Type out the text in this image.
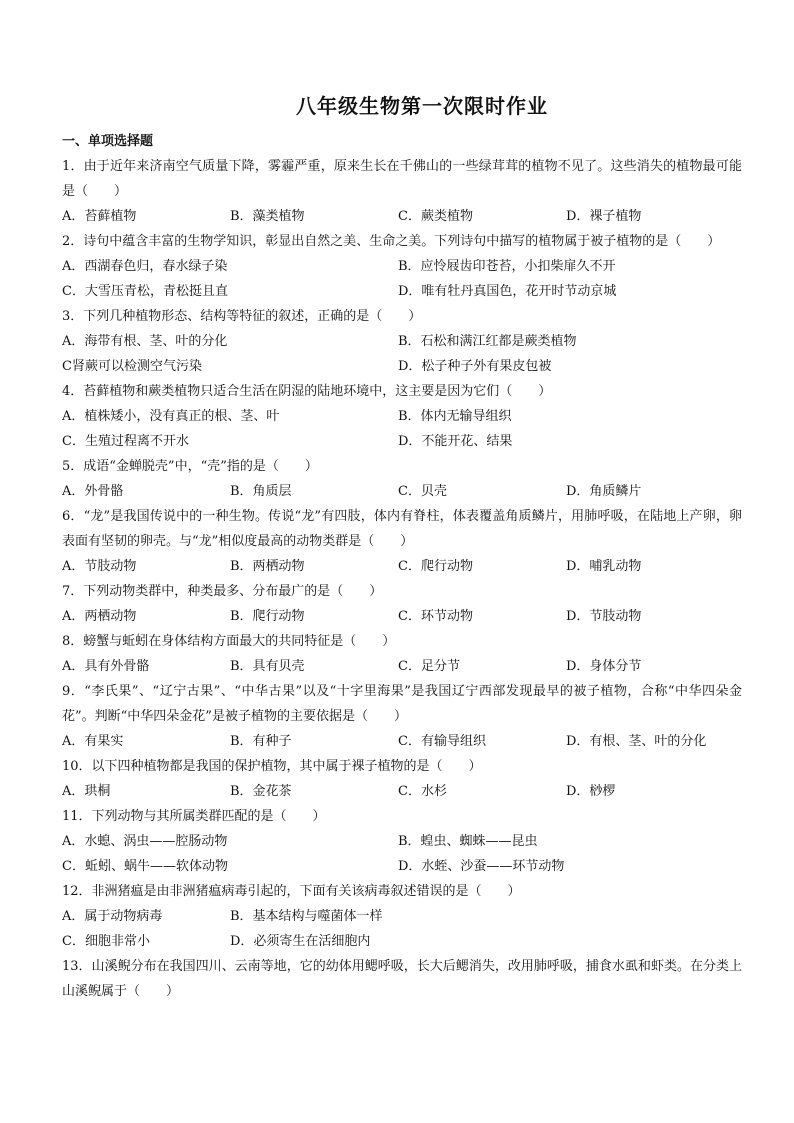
八年级生物第一次限时作业
一、单项选择题
1．由于近年来济南空气质量下降，雾霾严重，原来生长在千佛山的一些绿茸茸的植物不见了。这些消失的植物最可能是（　　）
A．苔藓植物	B．藻类植物	C．蕨类植物	D．裸子植物
2．诗句中蕴含丰富的生物学知识，彰显出自然之美、生命之美。下列诗句中描写的植物属于被子植物的是（　　）
A．西湖春色归，春水绿子染	B．应怜屐齿印苍苔，小扣柴扉久不开
C．大雪压青松，青松挺且直	D．唯有牡丹真国色，花开时节动京城
3．下列几种植物形态、结构等特征的叙述，正确的是（　　）
A．海带有根、茎、叶的分化	B．石松和满江红都是蕨类植物
C肾蕨可以检测空气污染	D．松子种子外有果皮包被
4．苔藓植物和蕨类植物只适合生活在阴湿的陆地环境中，这主要是因为它们（　　）
A．植株矮小，没有真正的根、茎、叶	B．体内无输导组织
C．生殖过程离不开水	D．不能开花、结果
5．成语“金蝉脱壳”中，“壳”指的是（　　）
A．外骨骼	B．角质层	C．贝壳	D．角质鳞片
6．“龙”是我国传说中的一种生物。传说“龙”有四肢，体内有脊柱，体表覆盖角质鳞片，用肺呼吸，在陆地上产卵，卵表面有坚韧的卵壳。与“龙”相似度最高的动物类群是（　　）
A．节肢动物	B．两栖动物	C．爬行动物	D．哺乳动物
7．下列动物类群中，种类最多、分布最广的是（　　）
A．两栖动物	B．爬行动物	C．环节动物	D．节肢动物
8．螃蟹与蚯蚓在身体结构方面最大的共同特征是（　　）
A．具有外骨骼	B．具有贝壳	C．足分节	D．身体分节
9．“李氏果”、“辽宁古果”、“中华古果”以及“十字里海果”是我国辽宁西部发现最早的被子植物，合称“中华四朵金花”。判断“中华四朵金花”是被子植物的主要依据是（　　）
A．有果实	B．有种子	C．有输导组织	D．有根、茎、叶的分化
10．以下四种植物都是我国的保护植物，其中属于裸子植物的是（　　）
A．珙桐	B．金花茶	C．水杉	D．桫椤
11．下列动物与其所属类群匹配的是（　　）
A．水螅、涡虫——腔肠动物	B．蝗虫、蜘蛛——昆虫
C．蚯蚓、蜗牛——软体动物	D．水蛭、沙蚕——环节动物
12．非洲猪瘟是由非洲猪瘟病毒引起的，下面有关该病毒叙述错误的是（　　）
A．属于动物病毒	B．基本结构与噬菌体一样
C．细胞非常小	D．必须寄生在活细胞内
13．山溪鲵分布在我国四川、云南等地，它的幼体用鳃呼吸，长大后鳃消失，改用肺呼吸，捕食水虱和虾类。在分类上山溪鲵属于（　　）
